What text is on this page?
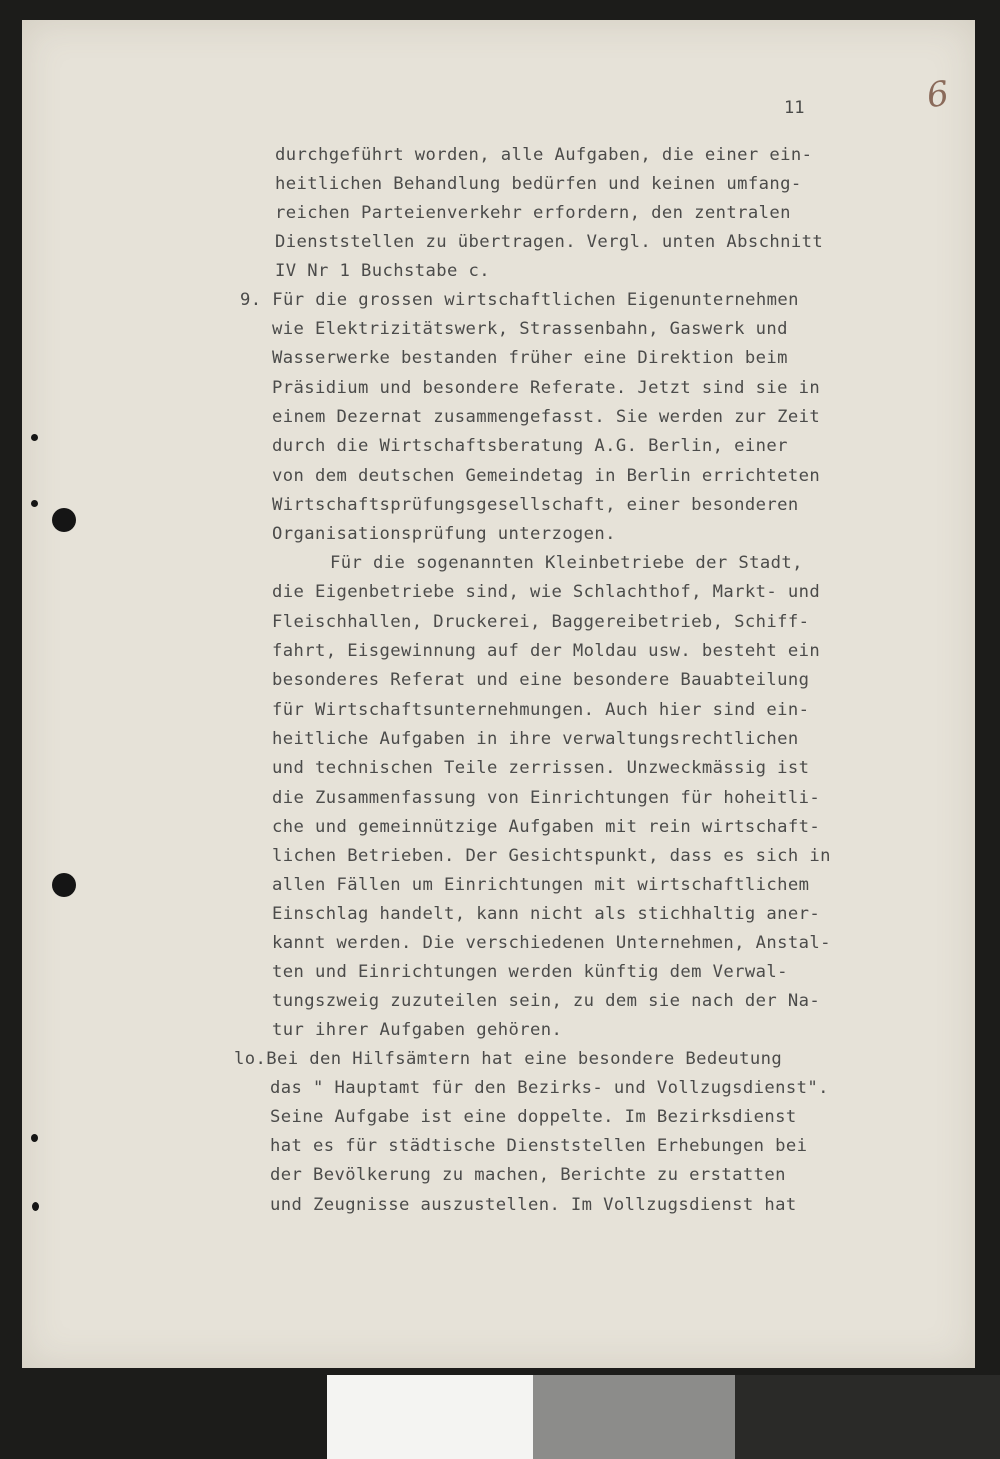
11	6
durchgeführt worden, alle Aufgaben, die einer ein-
heitlichen Behandlung bedürfen und keinen umfang-
reichen Parteienverkehr erfordern, den zentralen
Dienststellen zu übertragen. Vergl. unten Abschnitt
IV Nr 1 Buchstabe c.
9. Für die grossen wirtschaftlichen Eigenunternehmen
wie Elektrizitätswerk, Strassenbahn, Gaswerk und
Wasserwerke bestanden früher eine Direktion beim
Präsidium und besondere Referate. Jetzt sind sie in
einem Dezernat zusammengefasst. Sie werden zur Zeit
durch die Wirtschaftsberatung A.G. Berlin, einer
von dem deutschen Gemeindetag in Berlin errichteten
Wirtschaftsprüfungsgesellschaft, einer besonderen
Organisationsprüfung unterzogen.
Für die sogenannten Kleinbetriebe der Stadt,
die Eigenbetriebe sind, wie Schlachthof, Markt- und
Fleischhallen, Druckerei, Baggereibetrieb, Schiff-
fahrt, Eisgewinnung auf der Moldau usw. besteht ein
besonderes Referat und eine besondere Bauabteilung
für Wirtschaftsunternehmungen. Auch hier sind ein-
heitliche Aufgaben in ihre verwaltungsrechtlichen
und technischen Teile zerrissen. Unzweckmässig ist
die Zusammenfassung von Einrichtungen für hoheitli-
che und gemeinnützige Aufgaben mit rein wirtschaft-
lichen Betrieben. Der Gesichtspunkt, dass es sich in
allen Fällen um Einrichtungen mit wirtschaftlichem
Einschlag handelt, kann nicht als stichhaltig aner-
kannt werden. Die verschiedenen Unternehmen, Anstal-
ten und Einrichtungen werden künftig dem Verwal-
tungszweig zuzuteilen sein, zu dem sie nach der Na-
tur ihrer Aufgaben gehören.
lo.Bei den Hilfsämtern hat eine besondere Bedeutung
das " Hauptamt für den Bezirks- und Vollzugsdienst".
Seine Aufgabe ist eine doppelte. Im Bezirksdienst
hat es für städtische Dienststellen Erhebungen bei
der Bevölkerung zu machen, Berichte zu erstatten
und Zeugnisse auszustellen. Im Vollzugsdienst hat
